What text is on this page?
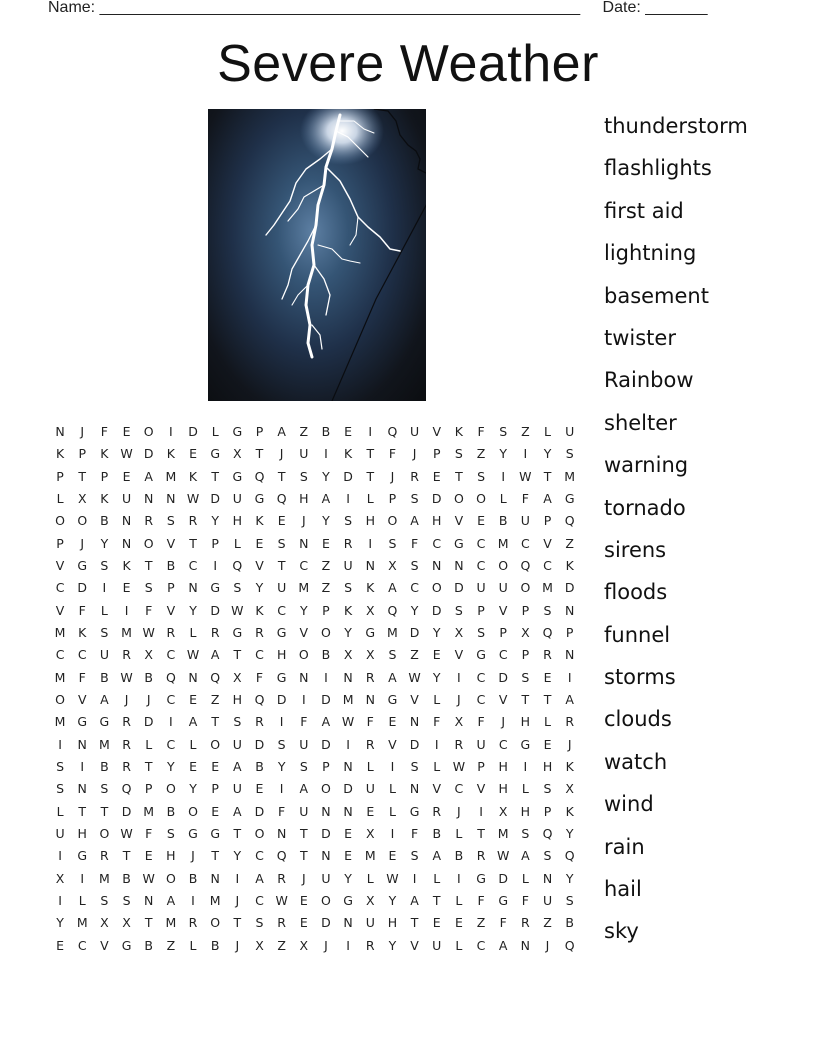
Name: ______________________________________________________ Date: _______
Severe Weather
N	J	F	E	O	I	D	L	G	P	A	Z	B	E	I	Q	U	V	K	F	S	Z	L	U
K	P	K W D	K	E	G	X	T	J	U	I	K	T	F	J	P	S	Z	Y	I	Y	S
P	T	P	E	A M	K	T	G Q	T	S	Y	D	T	J	R	E	T	S	I	W T	M
L	X	K	U	N	N W D	U	G Q	H	A	I	L	P	S	D O O	L	F	A	G
O O	B	N	R	S	R	Y	H	K	E	J	Y	S	H	O	A	H	V	E	B	U	P	Q
P	J	Y	N	O	V	T	P	L	E	S	N	E	R	I	S	F	C	G	C M C	V	Z
V	G	S	K	T	B	C	I	Q	V	T	C	Z	U	N	X	S	N	N	C	O Q	C	K
C	D	I	E	S	P	N	G	S	Y	U M Z	S	K	A	C	O D	U	U	O M D
V	F	L	I	F	V	Y	D W K	C	Y	P	K	X	Q	Y	D	S	P	V	P	S	N
M	K	S	M W R	L	R	G	R	G	V	O	Y	G M D	Y	X	S	P	X	Q	P
C	C	U	R	X	C W A	T	C	H	O	B	X	X	S	Z	E	V	G	C	P	R	N
M	F	B W B	Q	N	Q	X	F	G	N	I	N	R	A W Y	I	C	D	S	E	I
O	V	A	J	J	C	E	Z	H	Q D	I	D M N	G	V	L	J	C	V	T	T	A
M G G	R	D	I	A	T	S	R	I	F	A W F	E	N	F	X	F	J	H	L	R
I	N M R	L	C	L	O	U	D	S	U	D	I	R	V	D	I	R	U	C	G	E	J
S	I	B	R	T	Y	E	E	A	B	Y	S	P	N	L	I	S	L W P	H	I	H	K
S	N	S	Q	P	O	Y	P	U	E	I	A	O D	U	L	N	V	C	V	H	L	S	X
L	T	T	D M B	O	E	A	D	F	U	N	N	E	L	G	R	J	I	X	H	P	K
U	H	O W F	S	G G	T	O	N	T	D	E	X	I	F	B	L	T	M	S	Q	Y
I	G	R	T	E	H	J	T	Y	C	Q	T	N	E	M	E	S	A	B	R W A	S	Q
X	I	M B W O	B	N	I	A	R	J	U	Y	L W	I	L	I	G D	L	N	Y
I	L	S	S	N	A	I	M	J	C W E	O G	X	Y	A	T	L	F	G	F	U	S
Y	M X	X	T	M R	O	T	S	R	E	D	N	U	H	T	E	E	Z	F	R	Z	B
E	C	V	G	B	Z	L	B	J	X	Z	X	J	I	R	Y	V	U	L	C	A	N	J	Q
thunderstorm
flashlights
first aid
lightning
basement
twister
Rainbow
shelter
warning
tornado
sirens
floods
funnel
storms
clouds
watch
wind
rain
hail
sky
